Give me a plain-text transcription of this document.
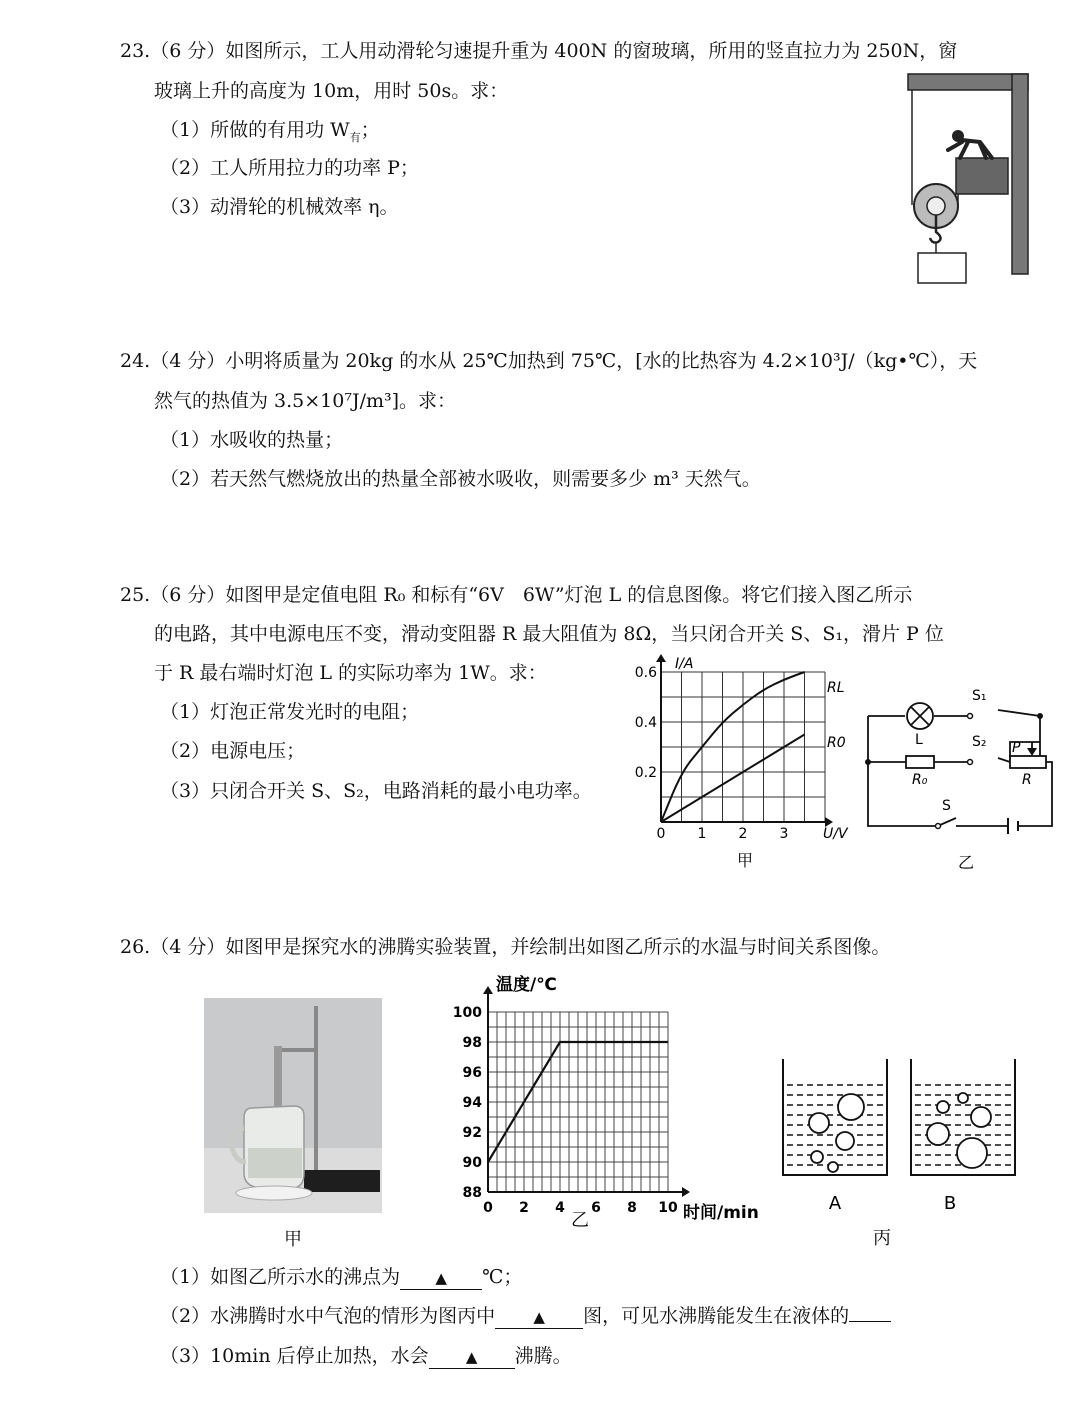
23.（6 分）如图所示，工人用动滑轮匀速提升重为 400N 的窗玻璃，所用的竖直拉力为 250N，窗
玻璃上升的高度为 10m，用时 50s。求：
（1）所做的有用功 $W_有$；
（2）工人所用拉力的功率 P；
（3）动滑轮的机械效率 η。
24.（4 分）小明将质量为 20kg 的水从 25℃加热到 75℃，[水的比热容为 4.2×10³J/（kg•℃），天
然气的热值为 3.5×10⁷J/m³]。求：
（1）水吸收的热量；
（2）若天然气燃烧放出的热量全部被水吸收，则需要多少 m³ 天然气。
25.（6 分）如图甲是定值电阻 R₀ 和标有“6V　6W”灯泡 L 的信息图像。将它们接入图乙所示
的电路，其中电源电压不变，滑动变阻器 R 最大阻值为 8Ω，当只闭合开关 S、S₁，滑片 P 位
于 R 最右端时灯泡 L 的实际功率为 1W。求：
（1）灯泡正常发光时的电阻；
（2）电源电压；
（3）只闭合开关 S、S₂，电路消耗的最小电功率。
I/A
U/V
0 1 2 3
0.2
0.4
0.6
RL
R0
甲
S₁
L	S₂ P
R₀	R
S
乙
26.（4 分）如图甲是探究水的沸腾实验装置，并绘制出如图乙所示的水温与时间关系图像。
甲
温度/℃
时间/min
0 2 4 6 8 10
88
90
92
94
96
98
100
乙
A	B
丙
（1）如图乙所示水的沸点为 ▲ ℃；
（2）水沸腾时水中气泡的情形为图丙中	▲ 图，可见水沸腾能发生在液体的
（3）10min 后停止加热，水会 ▲ 沸腾。
